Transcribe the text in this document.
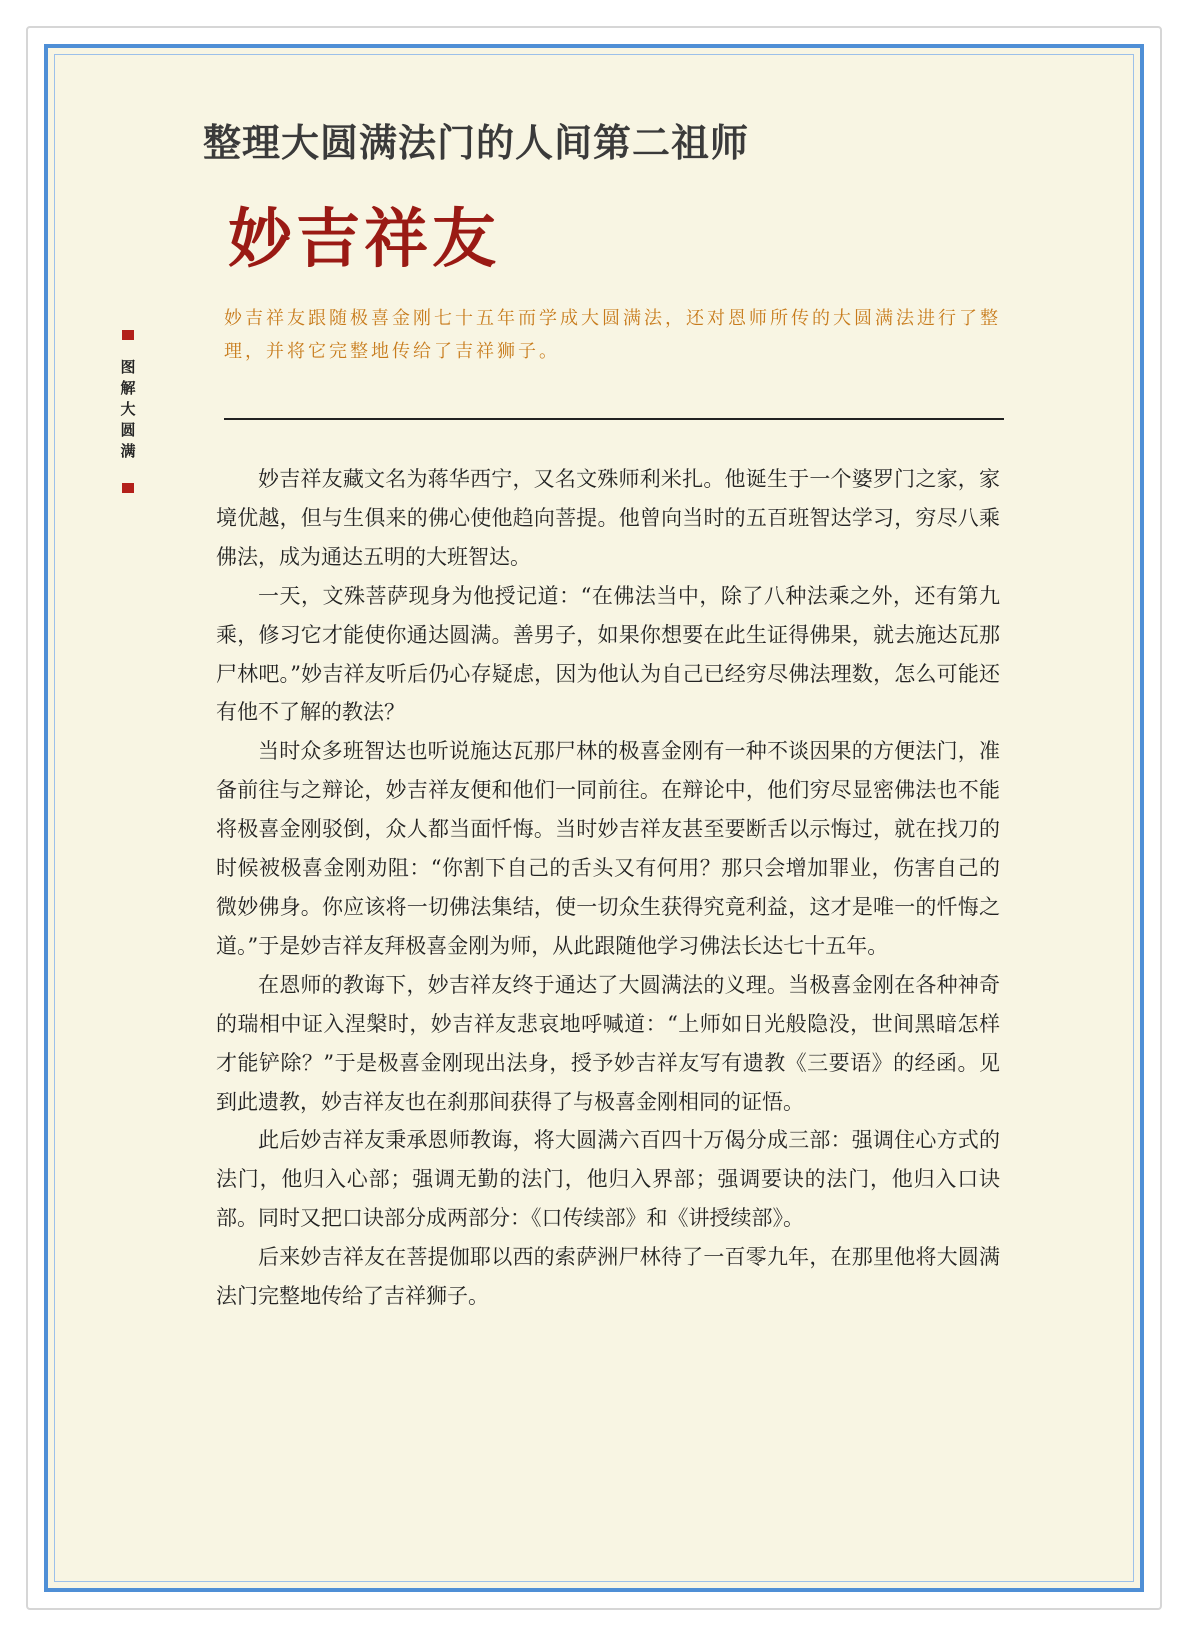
整理大圆满法门的人间第二祖师
妙吉祥友
妙吉祥友跟随极喜金刚七十五年而学成大圆满法，还对恩师所传的大圆满法进行了整理，并将它完整地传给了吉祥狮子。
图解大圆满

妙吉祥友藏文名为蒋华西宁，又名文殊师利米扎。他诞生于一个婆罗门之家，家境优越，但与生俱来的佛心使他趋向菩提。他曾向当时的五百班智达学习，穷尽八乘佛法，成为通达五明的大班智达。

一天，文殊菩萨现身为他授记道：“在佛法当中，除了八种法乘之外，还有第九乘，修习它才能使你通达圆满。善男子，如果你想要在此生证得佛果，就去施达瓦那尸林吧。”妙吉祥友听后仍心存疑虑，因为他认为自己已经穷尽佛法理数，怎么可能还有他不了解的教法？

当时众多班智达也听说施达瓦那尸林的极喜金刚有一种不谈因果的方便法门，准备前往与之辩论，妙吉祥友便和他们一同前往。在辩论中，他们穷尽显密佛法也不能将极喜金刚驳倒，众人都当面忏悔。当时妙吉祥友甚至要断舌以示悔过，就在找刀的时候被极喜金刚劝阻：“你割下自己的舌头又有何用？那只会增加罪业，伤害自己的微妙佛身。你应该将一切佛法集结，使一切众生获得究竟利益，这才是唯一的忏悔之道。”于是妙吉祥友拜极喜金刚为师，从此跟随他学习佛法长达七十五年。

在恩师的教诲下，妙吉祥友终于通达了大圆满法的义理。当极喜金刚在各种神奇的瑞相中证入涅槃时，妙吉祥友悲哀地呼喊道：“上师如日光般隐没，世间黑暗怎样才能铲除？”于是极喜金刚现出法身，授予妙吉祥友写有遗教《三要语》的经函。见到此遗教，妙吉祥友也在刹那间获得了与极喜金刚相同的证悟。

此后妙吉祥友秉承恩师教诲，将大圆满六百四十万偈分成三部：强调住心方式的法门，他归入心部；强调无勤的法门，他归入界部；强调要诀的法门，他归入口诀部。同时又把口诀部分成两部分：《口传续部》和《讲授续部》。

后来妙吉祥友在菩提伽耶以西的索萨洲尸林待了一百零九年，在那里他将大圆满法门完整地传给了吉祥狮子。
